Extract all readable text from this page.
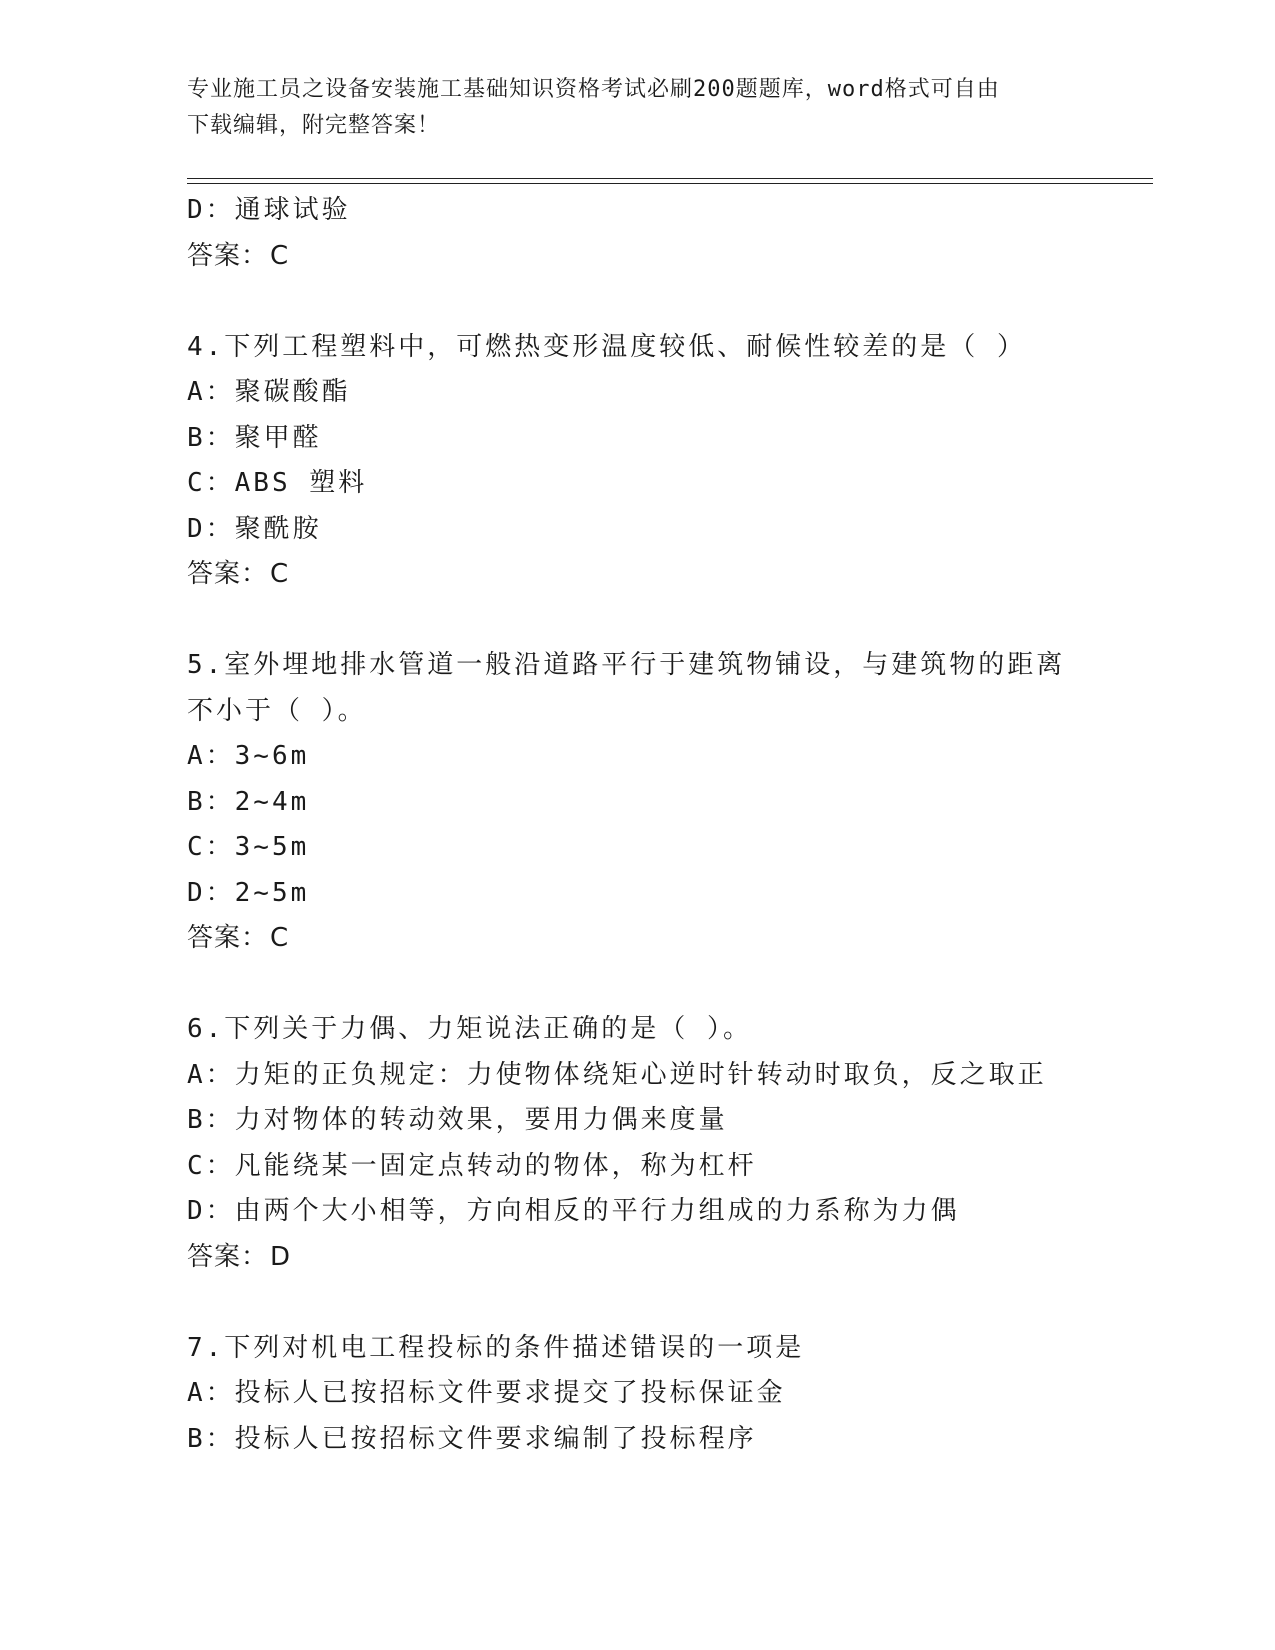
专业施工员之设备安装施工基础知识资格考试必刷200题题库，word格式可自由
下载编辑，附完整答案！
D：通球试验
答案：C
4.下列工程塑料中，可燃热变形温度较低、耐候性较差的是（ ）
A：聚碳酸酯
B：聚甲醛
C：ABS 塑料
D：聚酰胺
答案：C
5.室外埋地排水管道一般沿道路平行于建筑物铺设，与建筑物的距离
不小于（ ）。
A：3~6m
B：2~4m
C：3~5m
D：2~5m
答案：C
6.下列关于力偶、力矩说法正确的是（ ）。
A：力矩的正负规定：力使物体绕矩心逆时针转动时取负，反之取正
B：力对物体的转动效果，要用力偶来度量
C：凡能绕某一固定点转动的物体，称为杠杆
D：由两个大小相等，方向相反的平行力组成的力系称为力偶
答案：D
7.下列对机电工程投标的条件描述错误的一项是
A：投标人已按招标文件要求提交了投标保证金
B：投标人已按招标文件要求编制了投标程序
